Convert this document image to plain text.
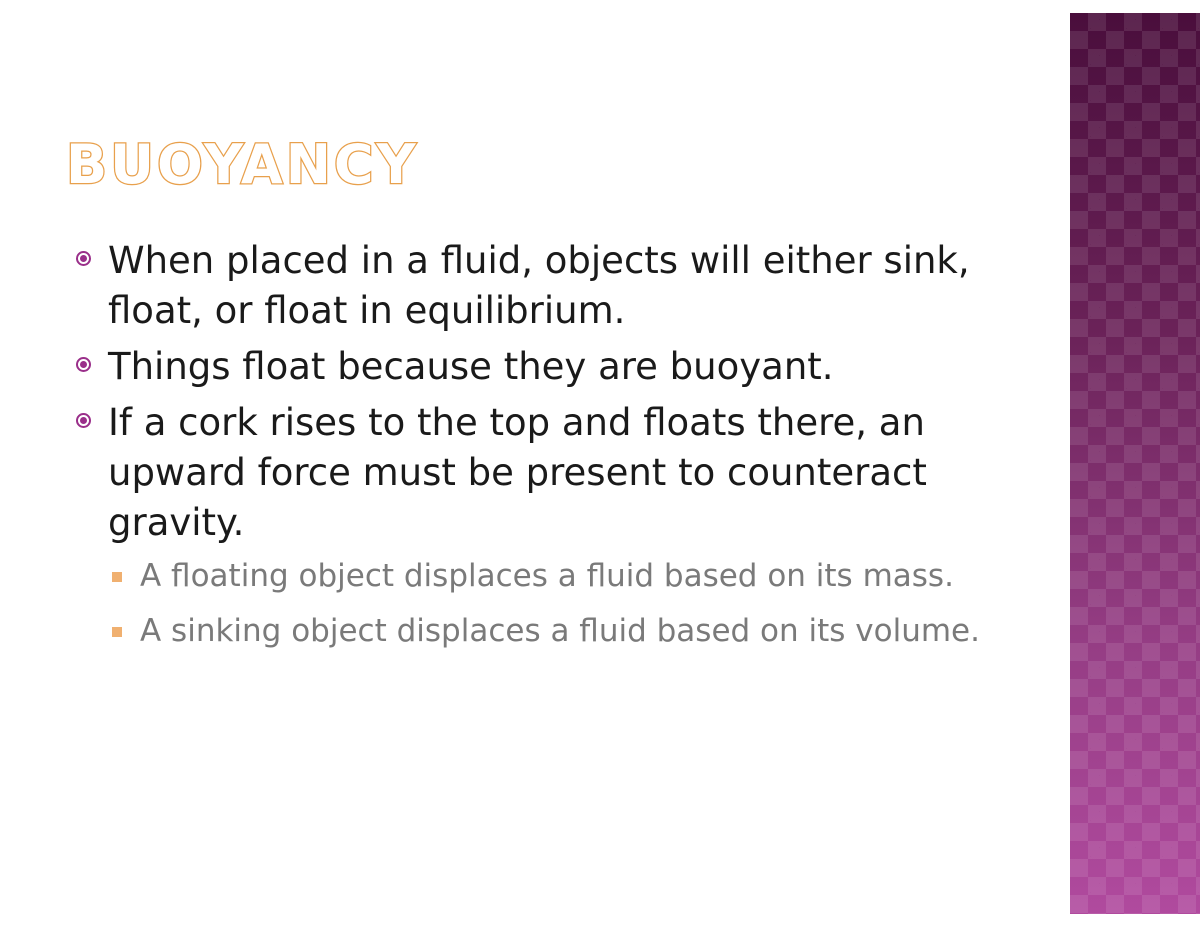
BUOYANCY
When placed in a fluid, objects will either sink, float, or float in equilibrium.
Things float because they are buoyant.
If a cork rises to the top and floats there, an upward force must be present to counteract gravity.
A floating object displaces a fluid based on its mass.
A sinking object displaces a fluid based on its volume.
